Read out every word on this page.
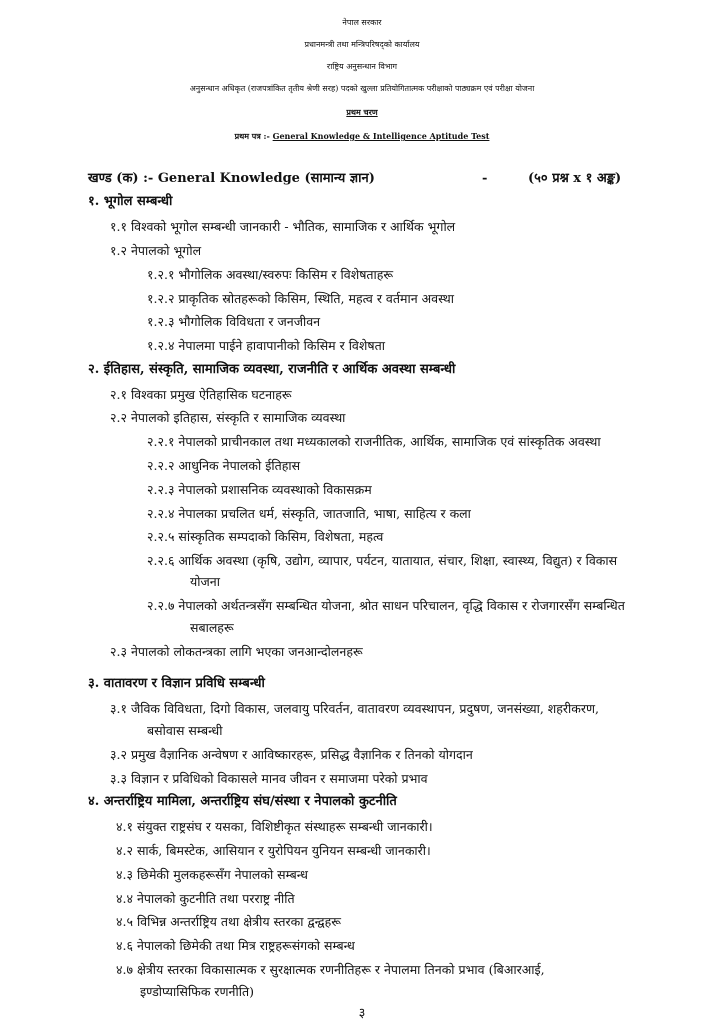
नेपाल सरकार
प्रधानमन्त्री तथा मन्त्रिपरिषद्को कार्यालय
राष्ट्रिय अनुसन्धान विभाग
अनुसन्धान अधिकृत (राजपत्रांकित तृतीय श्रेणी सरह) पदको खुल्ला प्रतियोगितात्मक परीक्षाको पाठ्यक्रम एवं परीक्षा योजना
प्रथम चरण
प्रथम पत्र :- General Knowledge & Intelligence Aptitude Test
खण्ड (क) :- General Knowledge (सामान्य ज्ञान)	-	(५० प्रश्न x १ अङ्क)
१. भूगोल सम्बन्धी
१.१ विश्वको भूगोल सम्बन्धी जानकारी - भौतिक, सामाजिक र आर्थिक भूगोल
१.२ नेपालको भूगोल
१.२.१ भौगोलिक अवस्था/स्वरुपः किसिम र विशेषताहरू
१.२.२ प्राकृतिक स्रोतहरूको किसिम, स्थिति, महत्व र वर्तमान अवस्था
१.२.३ भौगोलिक विविधता र जनजीवन
१.२.४ नेपालमा पाईने हावापानीको किसिम र विशेषता
२. ईतिहास, संस्कृति, सामाजिक व्यवस्था, राजनीति र आर्थिक अवस्था सम्बन्धी
२.१ विश्वका प्रमुख ऐतिहासिक घटनाहरू
२.२ नेपालको इतिहास, संस्कृति र सामाजिक व्यवस्था
२.२.१ नेपालको प्राचीनकाल तथा मध्यकालको राजनीतिक, आर्थिक, सामाजिक एवं सांस्कृतिक अवस्था
२.२.२ आधुनिक नेपालको ईतिहास
२.२.३ नेपालको प्रशासनिक व्यवस्थाको विकासक्रम
२.२.४ नेपालका प्रचलित धर्म, संस्कृति, जातजाति, भाषा, साहित्य र कला
२.२.५ सांस्कृतिक सम्पदाको किसिम, विशेषता, महत्व
२.२.६ आर्थिक अवस्था (कृषि, उद्योग, व्यापार, पर्यटन, यातायात, संचार, शिक्षा, स्वास्थ्य, विद्युत) र विकास
योजना
२.२.७ नेपालको अर्थतन्त्रसँग सम्बन्धित योजना, श्रोत साधन परिचालन, वृद्धि विकास र रोजगारसँग सम्बन्धित
सबालहरू
२.३ नेपालको लोकतन्त्रका लागि भएका जनआन्दोलनहरू
३. वातावरण र विज्ञान प्रविधि सम्बन्धी
३.१ जैविक विविधता, दिगो विकास, जलवायु परिवर्तन, वातावरण व्यवस्थापन, प्रदुषण, जनसंख्या, शहरीकरण,
बसोवास सम्बन्धी
३.२ प्रमुख वैज्ञानिक अन्वेषण र आविष्कारहरू, प्रसिद्ध वैज्ञानिक र तिनको योगदान
३.३ विज्ञान र प्रविधिको विकासले मानव जीवन र समाजमा परेको प्रभाव
४. अन्तर्राष्ट्रिय मामिला, अन्तर्राष्ट्रिय संघ/संस्था र नेपालको कुटनीति
४.१ संयुक्त राष्ट्रसंघ र यसका, विशिष्टीकृत संस्थाहरू सम्बन्धी जानकारी।
४.२ सार्क, बिमस्टेक, आसियान र युरोपियन युनियन सम्बन्धी जानकारी।
४.३ छिमेकी मुलकहरूसँग नेपालको सम्बन्ध
४.४ नेपालको कुटनीति तथा परराष्ट्र नीति
४.५ विभिन्न अन्तर्राष्ट्रिय तथा क्षेत्रीय स्तरका द्वन्द्वहरू
४.६ नेपालको छिमेकी तथा मित्र राष्ट्रहरूसंगको सम्बन्ध
४.७ क्षेत्रीय स्तरका विकासात्मक र सुरक्षात्मक रणनीतिहरू र नेपालमा तिनको प्रभाव (बिआरआई,
इण्डोप्यासिफिक रणनीति)
३
